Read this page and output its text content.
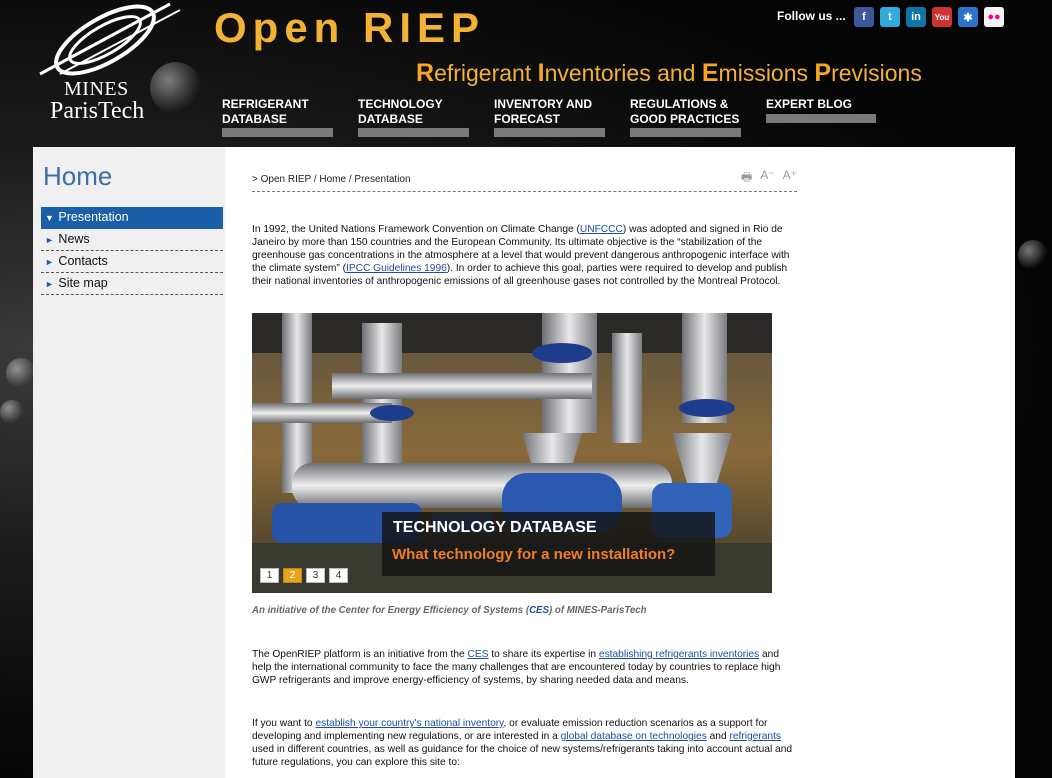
MINES
ParisTech
Open RIEP
Refrigerant Inventories and Emissions Previsions
Follow us ...	f	t	in	You	✱	●●
REFRIGERANT
DATABASE
TECHNOLOGY
DATABASE
INVENTORY AND
FORECAST
REGULATIONS &
GOOD PRACTICES
EXPERT BLOG
Home
▼ Presentation
► News
► Contacts
► Site map
> Open RIEP / Home / Presentation	🖶 A⁻ A⁺

In 1992, the United Nations Framework Convention on Climate Change (UNFCCC) was adopted and signed in Rio de Janeiro by more than 150 countries and the European Community. Its ultimate objective is the “stabilization of the greenhouse gas concentrations in the atmosphere at a level that would prevent dangerous anthropogenic interface with the climate system” (IPCC Guidelines 1996). In order to achieve this goal, parties were required to develop and publish their national inventories of anthropogenic emissions of all greenhouse gases not controlled by the Montreal Protocol.

TECHNOLOGY DATABASE
What technology for a new installation?
1	2	3	4
An initiative of the Center for Energy Efficiency of Systems (CES) of MINES-ParisTech

The OpenRIEP platform is an initiative from the CES to share its expertise in establishing refrigerants inventories and help the international community to face the many challenges that are encountered today by countries to replace high GWP refrigerants and improve energy-efficiency of systems, by sharing needed data and means.

If you want to establish your country's national inventory, or evaluate emission reduction scenarios as a support for developing and implementing new regulations, or are interested in a global database on technologies and refrigerants used in different countries, as well as guidance for the choice of new systems/refrigerants taking into account actual and future regulations, you can explore this site to:
